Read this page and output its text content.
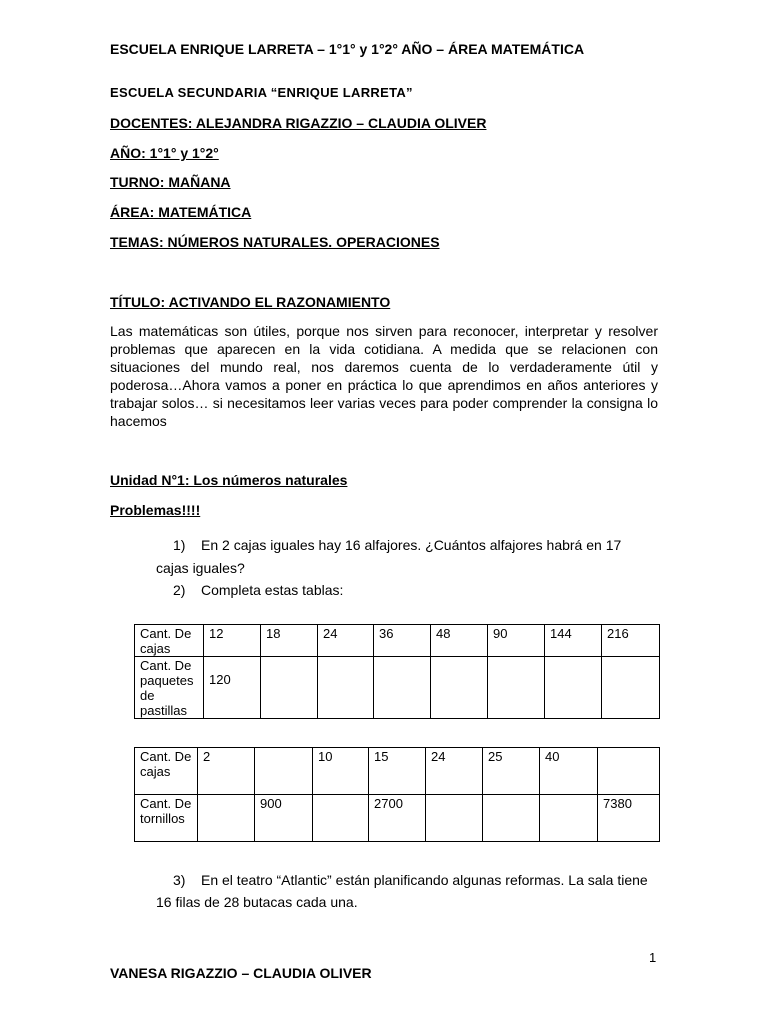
ESCUELA ENRIQUE LARRETA – 1°1° y 1°2° AÑO – ÁREA MATEMÁTICA
ESCUELA SECUNDARIA “ENRIQUE LARRETA”
DOCENTES: ALEJANDRA RIGAZZIO – CLAUDIA OLIVER
AÑO: 1°1° y 1°2°
TURNO: MAÑANA
ÁREA: MATEMÁTICA
TEMAS: NÚMEROS NATURALES. OPERACIONES
TÍTULO: ACTIVANDO EL RAZONAMIENTO

Las matemáticas son útiles, porque nos sirven para reconocer, interpretar y resolver problemas que aparecen en la vida cotidiana. A medida que se relacionen con situaciones del mundo real, nos daremos cuenta de lo verdaderamente útil y poderosa…Ahora vamos a poner en práctica lo que aprendimos en años anteriores y trabajar solos… si necesitamos leer varias veces para poder comprender la consigna lo hacemos

Unidad N°1: Los números naturales
Problemas!!!!
1) En 2 cajas iguales hay 16 alfajores. ¿Cuántos alfajores habrá en 17
cajas iguales?
2) Completa estas tablas:
Cant. De cajas	12	18	24	36	48	90	144	216
Cant. De paquetes de pastillas	120							
Cant. De cajas	2		10	15	24	25	40	
Cant. De tornillos		900		2700				7380
3) En el teatro “Atlantic” están planificando algunas reformas. La sala tiene
16 filas de 28 butacas cada una.
1
VANESA RIGAZZIO – CLAUDIA OLIVER
